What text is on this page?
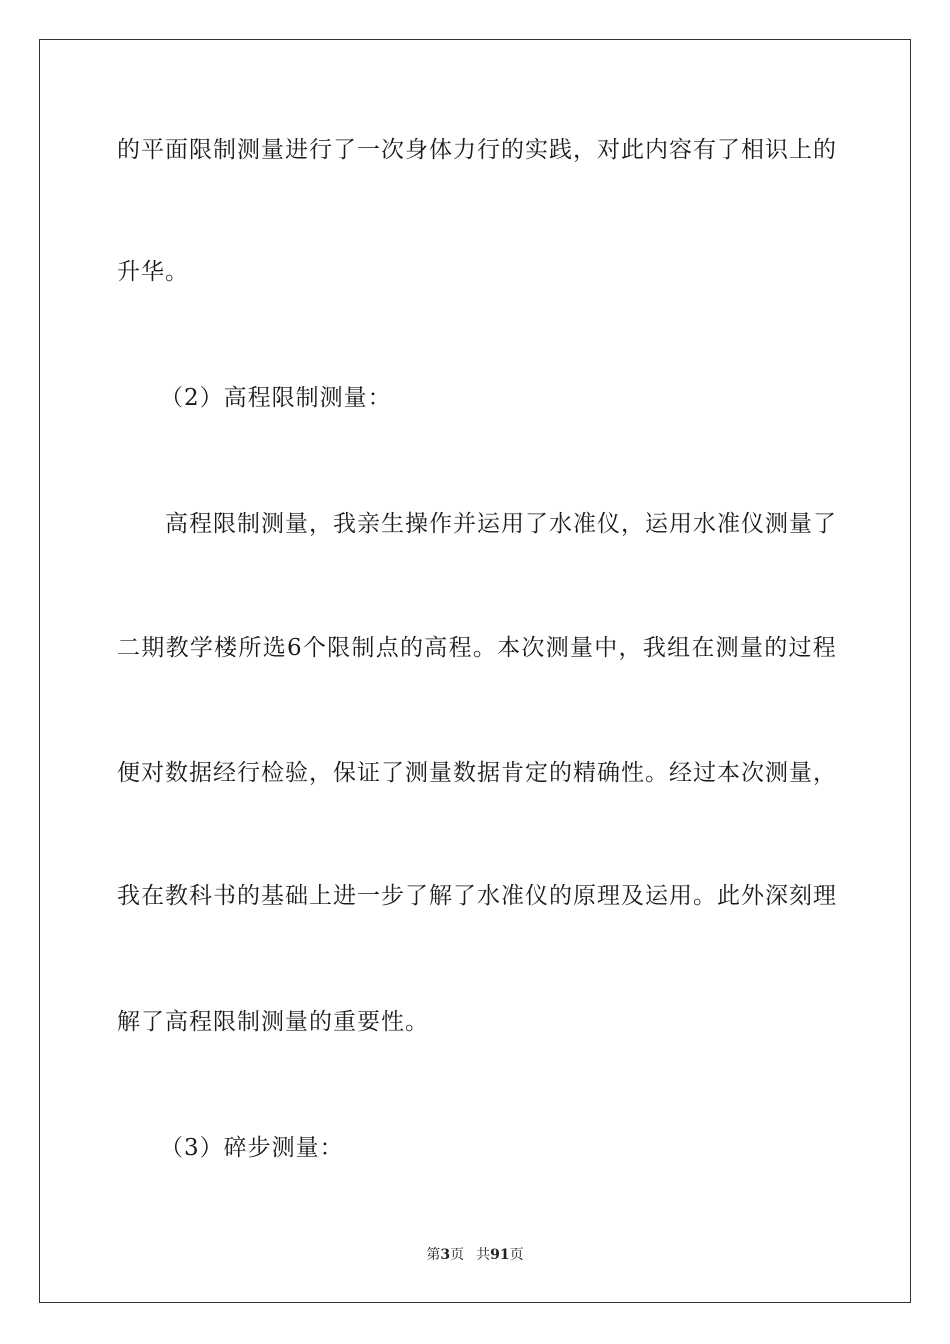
的 平 面 限 制 测 量 进 行 了 一 次 身 体 力 行 的 实 践 ， 对 此 内 容 有 了 相 识 上 的
升华。
（2）高程限制测量：
高 程 限 制 测 量 ， 我 亲 生 操 作 并 运 用 了 水 准 仪 ， 运 用 水 准 仪 测 量 了
二 期 教 学 楼 所 选 6 个 限 制 点 的 高 程 。 本 次 测 量 中 ， 我 组 在 测 量 的 过 程
便 对 数 据 经 行 检 验 ， 保 证 了 测 量 数 据 肯 定 的 精 确 性 。 经 过 本 次 测 量 ，
我 在 教 科 书 的 基 础 上 进 一 步 了 解 了 水 准 仪 的 原 理 及 运 用 。 此 外 深 刻 理
解了高程限制测量的重要性。
（3）碎步测量：
第3页 共91页
